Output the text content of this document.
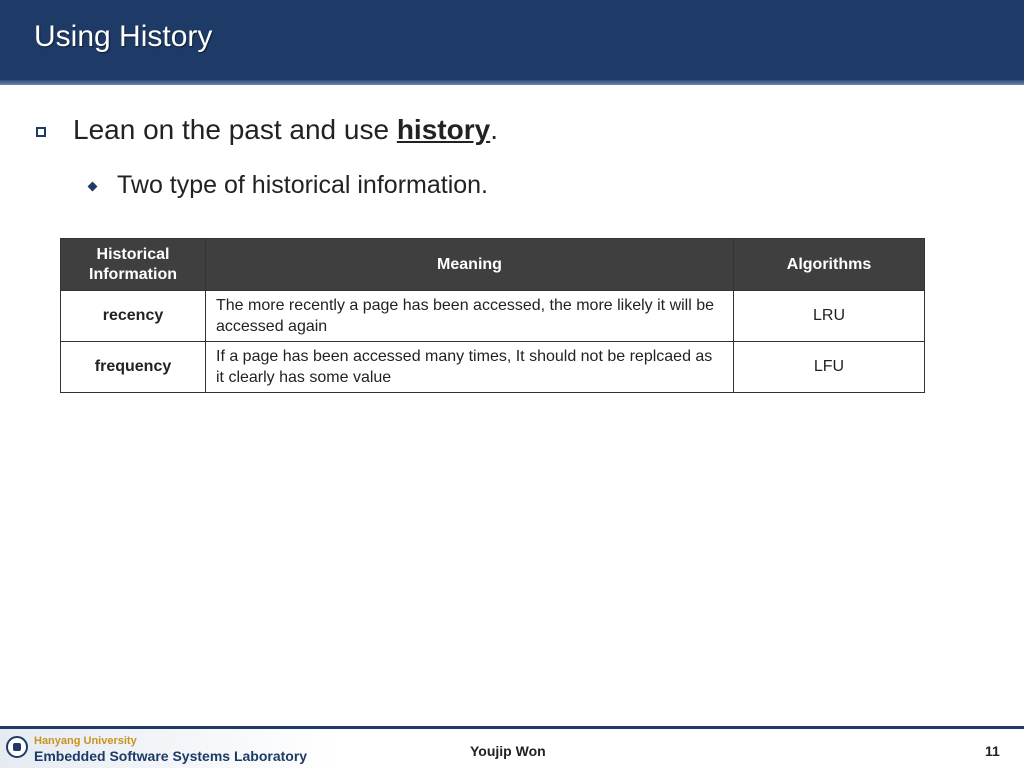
Using History
Lean on the past and use history.
Two type of historical information.
Historical Information	Meaning	Algorithms
recency	The more recently a page has been accessed, the more likely it will be accessed again	LRU
frequency	If a page has been accessed many times, It should not be replcaed as it clearly has some value	LFU
Hanyang University
Embedded Software Systems Laboratory	Youjip Won	11
